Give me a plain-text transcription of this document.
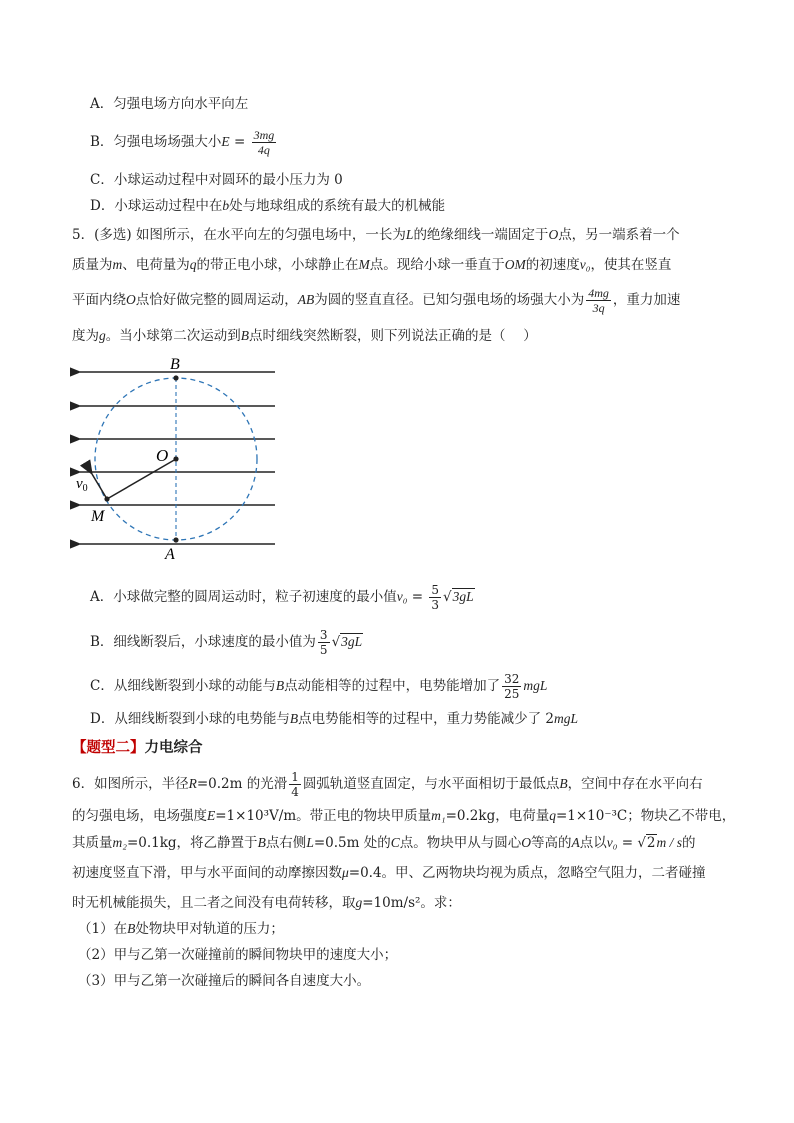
A．匀强电场方向水平向左
B．匀强电场场强大小$E = \frac{3mg}{4q}$
C．小球运动过程中对圆环的最小压力为 0
D．小球运动过程中在b处与地球组成的系统有最大的机械能
5．(多选) 如图所示，在水平向左的匀强电场中，一长为L的绝缘细线一端固定于O点，另一端系着一个
质量为m、电荷量为q的带正电小球，小球静止在M点。现给小球一垂直于OM的初速度v₀，使其在竖直
平面内绕O点恰好做完整的圆周运动，AB为圆的竖直直径。已知匀强电场的场强大小为 $\frac{4mg}{3q}$ ，重力加速
度为g。当小球第二次运动到B点时细线突然断裂，则下列说法正确的是（　 ）
B
O
M
A
$v_0$
A．小球做完整的圆周运动时，粒子初速度的最小值$v_0 = \frac{5}{3} √3gL$
B．细线断裂后，小球速度的最小值为 $\frac{3}{5} √3gL$
C．从细线断裂到小球的动能与B点动能相等的过程中，电势能增加了 $\frac{32}{25}$ mgL
D．从细线断裂到小球的电势能与B点电势能相等的过程中，重力势能减少了 2mgL
【题型二】力电综合
6．如图所示，半径R=0.2m 的光滑 $\frac{1}{4}$ 圆弧轨道竖直固定，与水平面相切于最低点B，空间中存在水平向右
的匀强电场，电场强度E=1×10³V/m。带正电的物块甲质量m₁=0.2kg，电荷量q=1×10⁻³C；物块乙不带电，
其质量m₂=0.1kg，将乙静置于B点右侧L=0.5m 处的C点。物块甲从与圆心O等高的A点以v₀ = √2m / s的
初速度竖直下滑，甲与水平面间的动摩擦因数μ=0.4。甲、乙两物块均视为质点，忽略空气阻力，二者碰撞
时无机械能损失，且二者之间没有电荷转移，取g=10m/s²。求：
（1）在B处物块甲对轨道的压力；
（2）甲与乙第一次碰撞前的瞬间物块甲的速度大小；
（3）甲与乙第一次碰撞后的瞬间各自速度大小。
